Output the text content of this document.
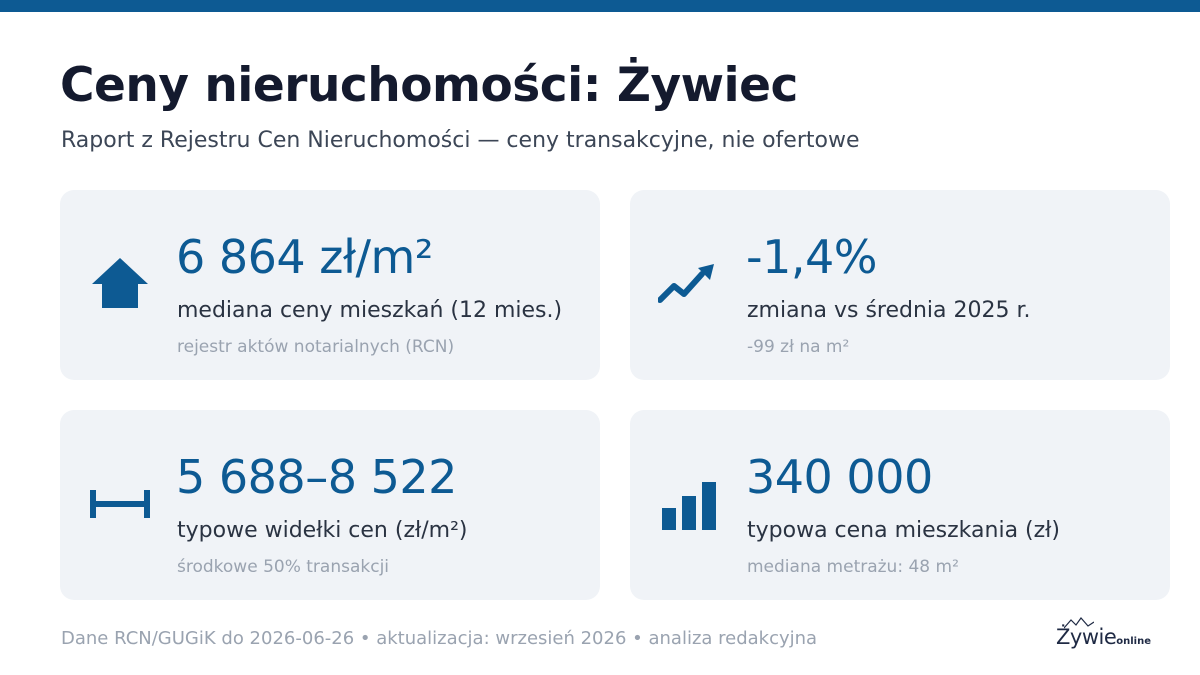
Ceny nieruchomości: Żywiec
Raport z Rejestru Cen Nieruchomości — ceny transakcyjne, nie ofertowe
6 864 zł/m²
mediana ceny mieszkań (12 mies.)
rejestr aktów notarialnych (RCN)
-1,4%
zmiana vs średnia 2025 r.
-99 zł na m²
5 688–8 522
typowe widełki cen (zł/m²)
środkowe 50% transakcji
340 000
typowa cena mieszkania (zł)
mediana metrażu: 48 m²
Dane RCN/GUGiK do 2026-06-26 • aktualizacja: wrzesień 2026 • analiza redakcyjna	Żywieonline
